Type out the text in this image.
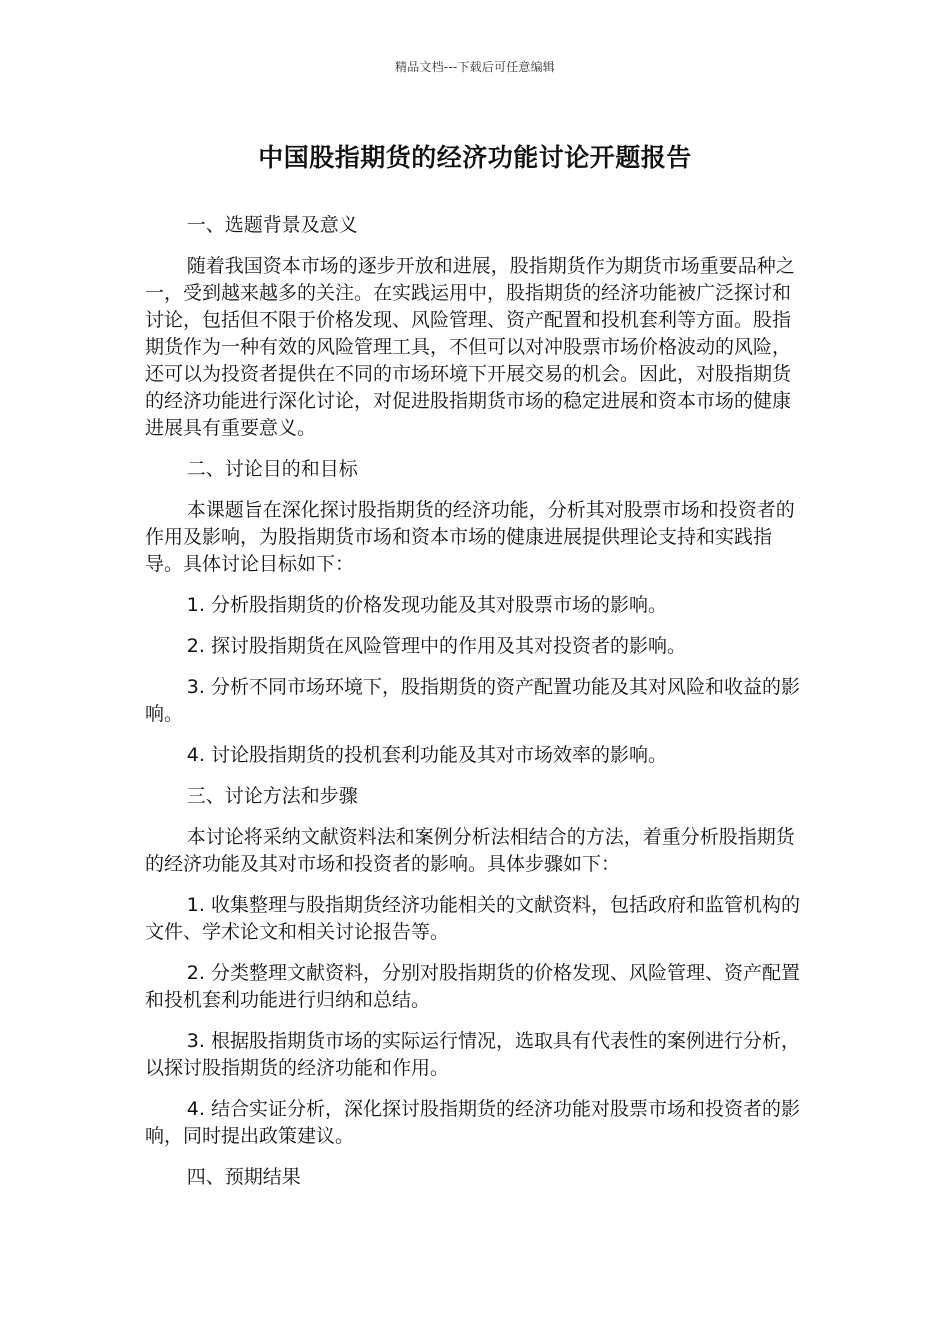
精品文档---下载后可任意编辑
中国股指期货的经济功能讨论开题报告

一、选题背景及意义

随着我国资本市场的逐步开放和进展，股指期货作为期货市场重要品种之一，受到越来越多的关注。在实践运用中，股指期货的经济功能被广泛探讨和讨论，包括但不限于价格发现、风险管理、资产配置和投机套利等方面。股指期货作为一种有效的风险管理工具，不但可以对冲股票市场价格波动的风险，还可以为投资者提供在不同的市场环境下开展交易的机会。因此，对股指期货的经济功能进行深化讨论，对促进股指期货市场的稳定进展和资本市场的健康进展具有重要意义。

二、讨论目的和目标

本课题旨在深化探讨股指期货的经济功能，分析其对股票市场和投资者的作用及影响，为股指期货市场和资本市场的健康进展提供理论支持和实践指导。具体讨论目标如下：

1. 分析股指期货的价格发现功能及其对股票市场的影响。

2. 探讨股指期货在风险管理中的作用及其对投资者的影响。

3. 分析不同市场环境下，股指期货的资产配置功能及其对风险和收益的影响。

4. 讨论股指期货的投机套利功能及其对市场效率的影响。

三、讨论方法和步骤

本讨论将采纳文献资料法和案例分析法相结合的方法，着重分析股指期货的经济功能及其对市场和投资者的影响。具体步骤如下：

1. 收集整理与股指期货经济功能相关的文献资料，包括政府和监管机构的文件、学术论文和相关讨论报告等。

2. 分类整理文献资料，分别对股指期货的价格发现、风险管理、资产配置和投机套利功能进行归纳和总结。

3. 根据股指期货市场的实际运行情况，选取具有代表性的案例进行分析，以探讨股指期货的经济功能和作用。

4. 结合实证分析，深化探讨股指期货的经济功能对股票市场和投资者的影响，同时提出政策建议。

四、预期结果
